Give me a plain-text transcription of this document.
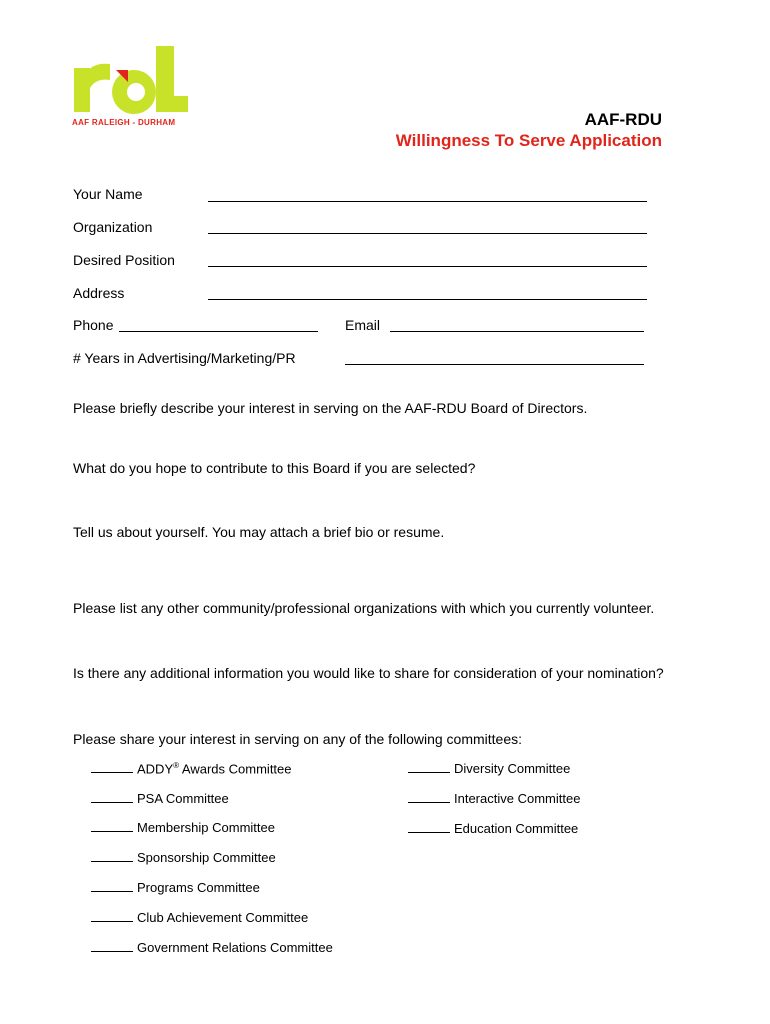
AAF RALEIGH - DURHAM	AAF-RDU
Willingness To Serve Application
Your Name
Organization
Desired Position
Address
Phone	Email
# Years in Advertising/Marketing/PR
Please briefly describe your interest in serving on the AAF-RDU Board of Directors.
What do you hope to contribute to this Board if you are selected?
Tell us about yourself. You may attach a brief bio or resume.
Please list any other community/professional organizations with which you currently volunteer.
Is there any additional information you would like to share for consideration of your nomination?
Please share your interest in serving on any of the following committees:
ADDY® Awards Committee
PSA Committee
Membership Committee
Sponsorship Committee
Programs Committee
Club Achievement Committee
Government Relations Committee
Diversity Committee
Interactive Committee
Education Committee
